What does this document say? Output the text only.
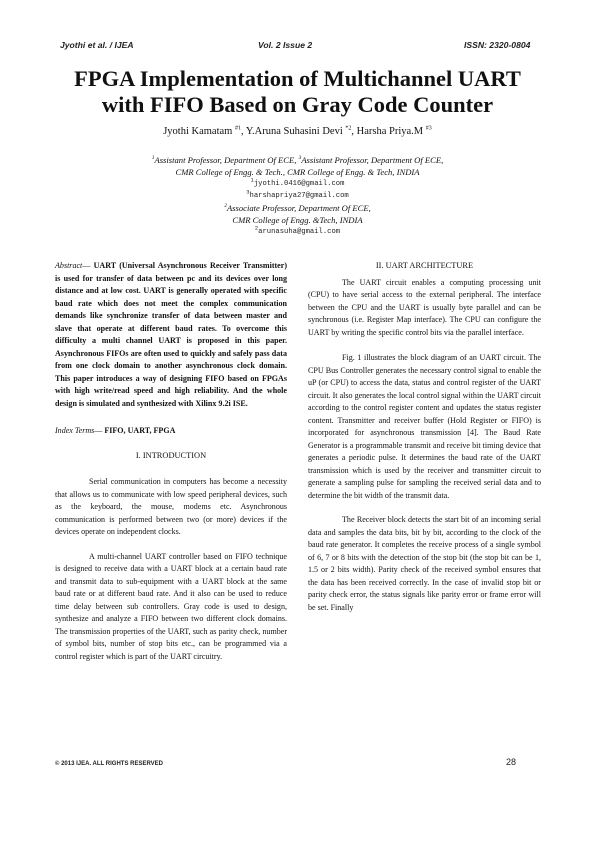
Jyothi et al. / IJEA	Vol. 2 Issue 2	ISSN: 2320-0804
FPGA Implementation of Multichannel UART
with FIFO Based on Gray Code Counter
Jyothi Kamatam $^{\#1}$, Y.Aruna Suhasini Devi $^{*2}$, Harsha Priya.M $^{\#3}$
$^1$Assistant Professor, Department Of ECE, $^3$Assistant Professor, Department Of ECE,
CMR College of Engg. & Tech., CMR College of Engg. & Tech, INDIA
$^1$jyothi.0416@gmail.com
$^3$harshapriya27@gmail.com
$^2$Associate Professor, Department Of ECE,
CMR College of Engg. &Tech, INDIA
$^2$arunasuha@gmail.com

Abstract— UART (Universal Asynchronous Receiver Transmitter) is used for transfer of data between pc and its devices over long distance and at low cost. UART is generally operated with specific baud rate which does not meet the complex communication demands like synchronize transfer of data between master and slave that operate at different baud rates. To overcome this difficulty a multi channel UART is proposed in this paper. Asynchronous FIFOs are often used to quickly and safely pass data from one clock domain to another asynchronous clock domain. This paper introduces a way of designing FIFO based on FPGAs with high write/read speed and high reliability. And the whole design is simulated and synthesized with Xilinx 9.2i ISE.

Index Terms— FIFO, UART, FPGA

I. INTRODUCTION

Serial communication in computers has become a necessity that allows us to communicate with low speed peripheral devices, such as the keyboard, the mouse, modems etc. Asynchronous communication is performed between two (or more) devices if the devices operate on independent clocks.

A multi-channel UART controller based on FIFO technique is designed to receive data with a UART block at a certain baud rate and transmit data to sub-equipment with a UART block at the same baud rate or at different baud rate. And it also can be used to reduce time delay between sub controllers. Gray code is used to design, synthesize and analyze a FIFO between two different clock domains. The transmission properties of the UART, such as parity check, number of symbol bits, number of stop bits etc., can be programmed via a control register which is part of the UART circuitry.

II. UART ARCHITECTURE

The UART circuit enables a computing processing unit (CPU) to have serial access to the external peripheral. The interface between the CPU and the UART is usually byte parallel and can be synchronous (i.e. Register Map interface). The CPU can configure the UART by writing the specific control bits via the parallel interface.

Fig. 1 illustrates the block diagram of an UART circuit. The CPU Bus Controller generates the necessary control signal to enable the uP (or CPU) to access the data, status and control register of the UART circuit. It also generates the local control signal within the UART circuit according to the control register content and updates the status register content. Transmitter and receiver buffer (Hold Register or FIFO) is incorporated for asynchronous transmission [4]. The Baud Rate Generator is a programmable transmit and receive bit timing device that generates a periodic pulse. It determines the baud rate of the UART transmission which is used by the receiver and transmitter circuit to generate a sampling pulse for sampling the received serial data and to determine the bit width of the transmit data.

The Receiver block detects the start bit of an incoming serial data and samples the data bits, bit by bit, according to the clock of the baud rate generator. It completes the receive process of a single symbol of 6, 7 or 8 bits with the detection of the stop bit (the stop bit can be 1, 1.5 or 2 bits width). Parity check of the received symbol ensures that the data has been received correctly. In the case of invalid stop bit or parity check error, the status signals like parity error or frame error will be set. Finally

© 2013 IJEA. ALL RIGHTS RESERVED	28
